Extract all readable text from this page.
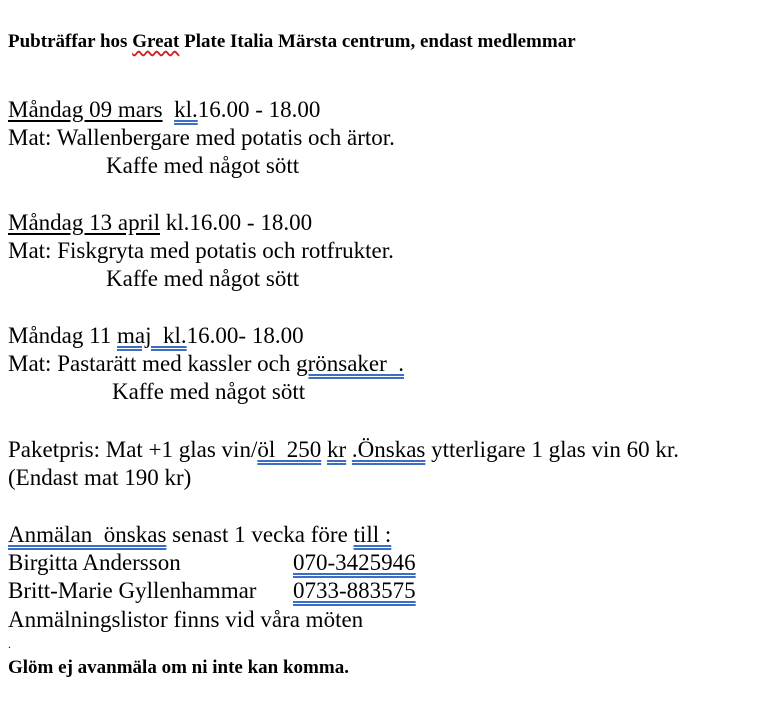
Pubträffar hos Great Plate Italia Märsta centrum, endast medlemmar
Måndag 09 mars kl.16.00 - 18.00
Mat: Wallenbergare med potatis och ärtor.
Kaffe med något sött
Måndag 13 april kl.16.00 - 18.00
Mat: Fiskgryta med potatis och rotfrukter.
Kaffe med något sött
Måndag 11 maj kl.16.00- 18.00
Mat: Pastarätt med kassler och grönsaker  .
Kaffe med något sött
Paketpris: Mat +1 glas vin/öl  250 kr .Önskas ytterligare 1 glas vin 60 kr.
(Endast mat 190 kr)
Anmälan  önskas senast 1 vecka före till :
Birgitta Andersson	070-3425946
Britt-Marie Gyllenhammar 0733-883575
Anmälningslistor finns vid våra möten
.
Glöm ej avanmäla om ni inte kan komma.
